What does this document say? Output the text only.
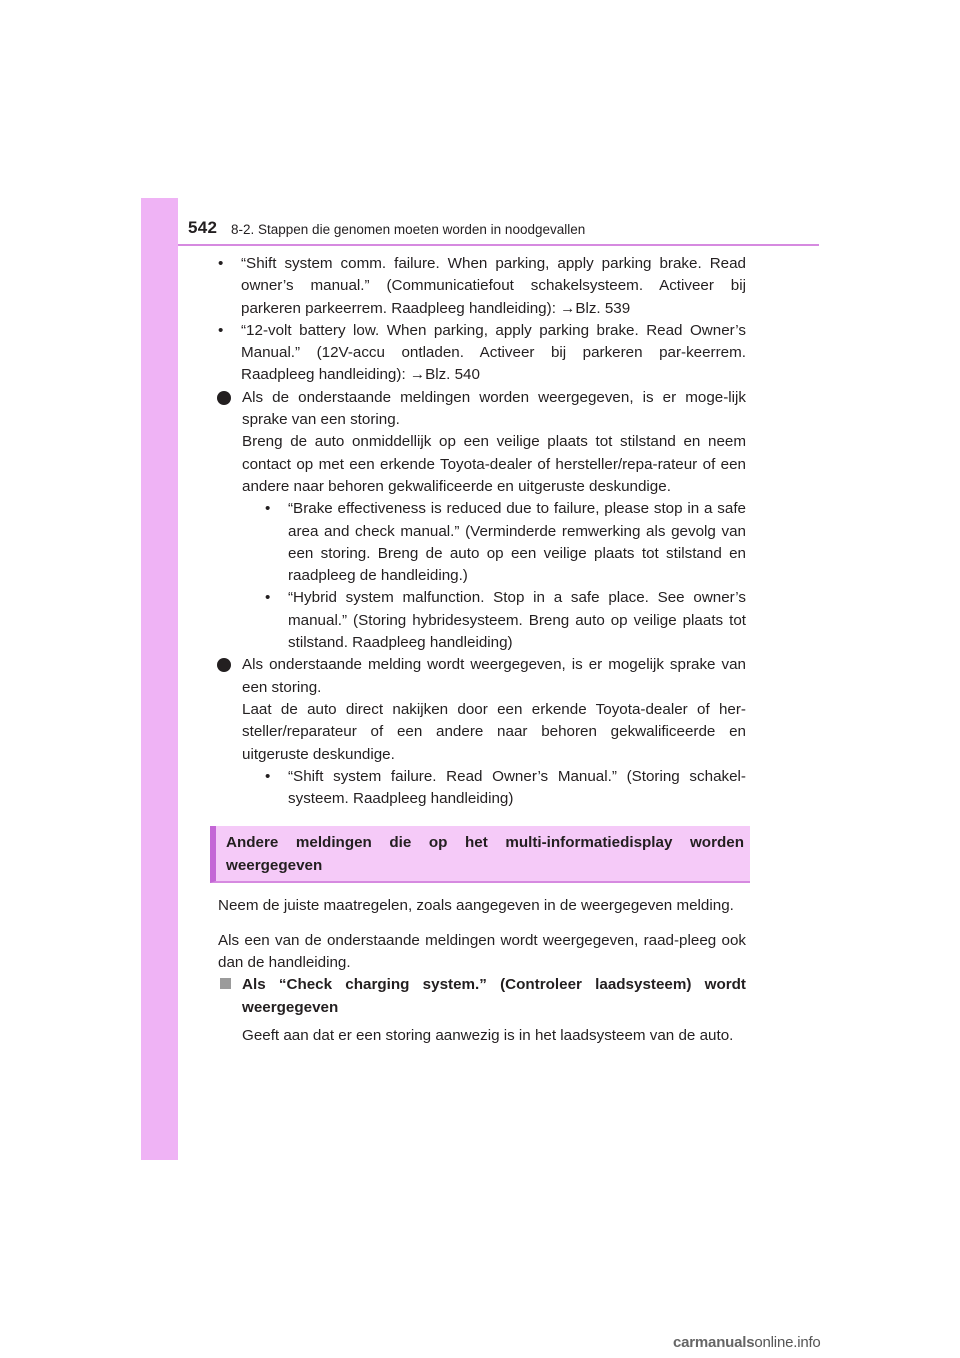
542 8-2. Stappen die genomen moeten worden in noodgevallen

• “Shift system comm. failure. When parking, apply parking brake. Read owner’s manual.” (Communicatiefout schakelsysteem. Activeer bij parkeren parkeerrem. Raadpleeg handleiding): →Blz. 539

• “12-volt battery low. When parking, apply parking brake. Read Owner’s Manual.” (12V-accu ontladen. Activeer bij parkeren par-keerrem. Raadpleeg handleiding): →Blz. 540

Als de onderstaande meldingen worden weergegeven, is er moge-lijk sprake van een storing.

Breng de auto onmiddellijk op een veilige plaats tot stilstand en neem contact op met een erkende Toyota-dealer of hersteller/repa-rateur of een andere naar behoren gekwalificeerde en uitgeruste deskundige.

• “Brake effectiveness is reduced due to failure, please stop in a safe area and check manual.” (Verminderde remwerking als gevolg van een storing. Breng de auto op een veilige plaats tot stilstand en raadpleeg de handleiding.)

• “Hybrid system malfunction. Stop in a safe place. See owner’s manual.” (Storing hybridesysteem. Breng auto op veilige plaats tot stilstand. Raadpleeg handleiding)

Als onderstaande melding wordt weergegeven, is er mogelijk sprake van een storing.

Laat de auto direct nakijken door een erkende Toyota-dealer of her-steller/reparateur of een andere naar behoren gekwalificeerde en uitgeruste deskundige.

• “Shift system failure. Read Owner’s Manual.” (Storing schakel-systeem. Raadpleeg handleiding)

Andere meldingen die op het multi-informatiedisplay worden weergegeven

Neem de juiste maatregelen, zoals aangegeven in de weergegeven melding.

Als een van de onderstaande meldingen wordt weergegeven, raad-pleeg ook dan de handleiding.

Als “Check charging system.” (Controleer laadsysteem) wordt weergegeven

Geeft aan dat er een storing aanwezig is in het laadsysteem van de auto.

carmanualsonline.info
